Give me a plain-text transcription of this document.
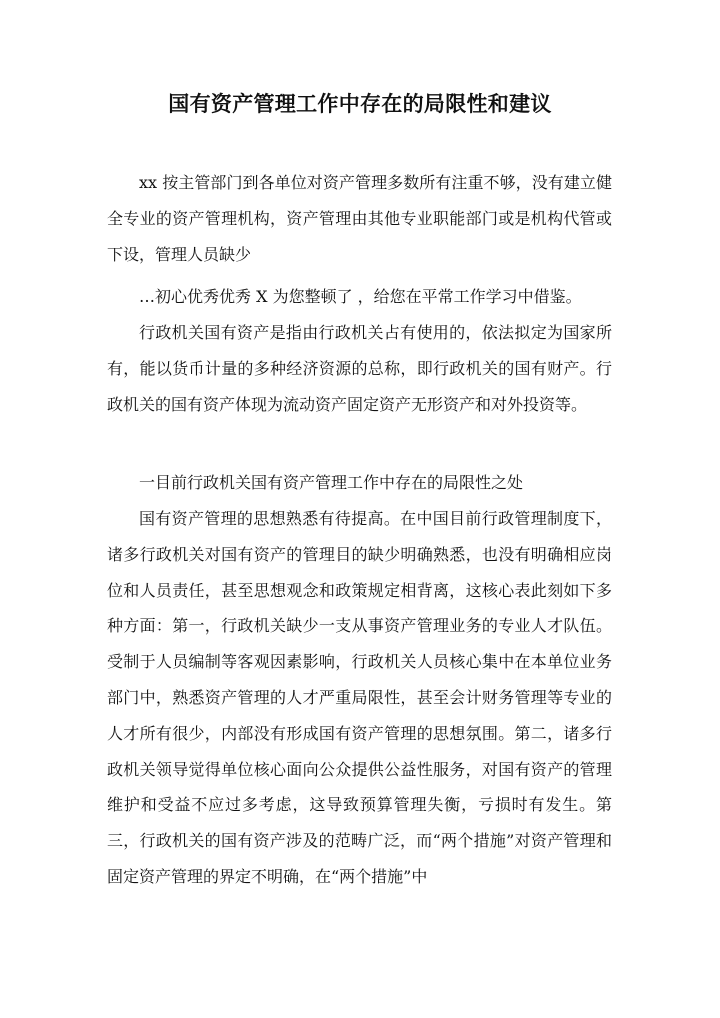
国有资产管理工作中存在的局限性和建议

xx 按主管部门到各单位对资产管理多数所有注重不够，没有建立健全专业的资产管理机构，资产管理由其他专业职能部门或是机构代管或下设，管理人员缺少

…初心优秀优秀 X 为您整顿了 ，给您在平常工作学习中借鉴。

行政机关国有资产是指由行政机关占有使用的，依法拟定为国家所有，能以货币计量的多种经济资源的总称，即行政机关的国有财产。行政机关的国有资产体现为流动资产固定资产无形资产和对外投资等。

一目前行政机关国有资产管理工作中存在的局限性之处

国有资产管理的思想熟悉有待提高。在中国目前行政管理制度下，诸多行政机关对国有资产的管理目的缺少明确熟悉，也没有明确相应岗位和人员责任，甚至思想观念和政策规定相背离，这核心表此刻如下多种方面：第一，行政机关缺少一支从事资产管理业务的专业人才队伍。受制于人员编制等客观因素影响，行政机关人员核心集中在本单位业务部门中，熟悉资产管理的人才严重局限性，甚至会计财务管理等专业的人才所有很少，内部没有形成国有资产管理的思想氛围。第二，诸多行政机关领导觉得单位核心面向公众提供公益性服务，对国有资产的管理维护和受益不应过多考虑，这导致预算管理失衡，亏损时有发生。第三，行政机关的国有资产涉及的范畴广泛，而“两个措施”对资产管理和固定资产管理的界定不明确，在“两个措施”中
